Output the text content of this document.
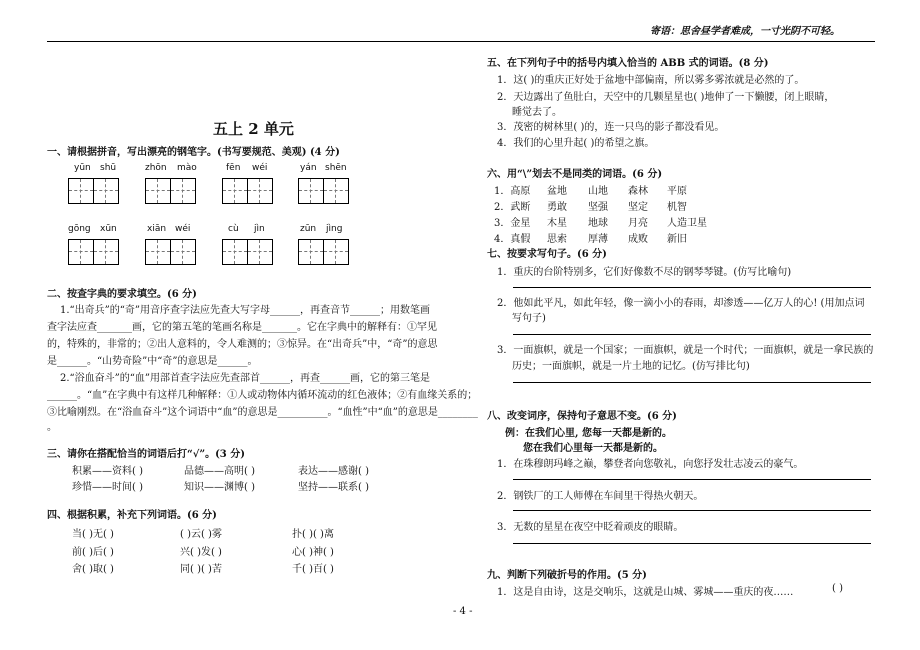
寄语：思舍昼学者难成，一寸光阴不可轻。
五上 2 单元
一、请根据拼音，写出漂亮的钢笔字。(书写要规范、美观) (4 分)
yūn shū	zhōn mào	fēn wéi	yán shēn
gōng xūn	xiān wéi	cù jìn	zūn jìng
二、按查字典的要求填空。(6 分)
1.“出奇兵”的“奇”用音序查字法应先查大写字母______，再查音节______；用数笔画
查字法应查_______画，它的第五笔的笔画名称是_______。它在字典中的解释有：①罕见
的，特殊的，非常的；②出人意料的，令人难测的；③惊异。在“出奇兵”中，“奇”的意思
是______。“山势奇险”中“奇”的意思是______。
2.“浴血奋斗”的“血”用部首查字法应先查部首______，再查______画，它的第三笔是
______。“血”在字典中有这样几种解释：①人或动物体内循环流动的红色液体；②有血缘关系的；
③比喻刚烈。在“浴血奋斗”这个词语中“血”的意思是__________。“血性”中“血”的意思是________
。
三、请你在搭配恰当的词语后打“√”。(3 分)
积累——资料( )	品德——高明( )	表达——感谢( )
珍惜——时间( )	知识——渊博( )	坚持——联系( )
四、根据积累，补充下列词语。(6 分)
当( )无( )	( )云( )雾	扑( )( )离
前( )后( )	兴( )发( )	心( )神( )
舍( )取( )	同( )( )苦	千( )百( )
五、在下列句子中的括号内填入恰当的 ABB 式的词语。(8 分)
1．这( )的重庆正好处于盆地中部偏南，所以雾多雾浓就是必然的了。
2．天边露出了鱼肚白，天空中的几颗星星也( )地伸了一下懒腰，闭上眼睛，
睡觉去了。
3．茂密的树林里( )的，连一只鸟的影子都没看见。
4．我们的心里升起( )的希望之旗。
六、用“\”划去不是同类的词语。(6 分)
1．高原 盆地 山地 森林 平原
2．武断 勇敢 坚强 坚定 机智
3．金星 木星 地球 月亮 人造卫星
4．真假 思索 厚薄 成败 新旧
七、按要求写句子。(6 分)
1．重庆的台阶特别多，它们好像数不尽的钢琴琴键。(仿写比喻句)
2．他如此平凡，如此年轻，像一滴小小的春雨，却渗透——亿万人的心! (用加点词
写句子)
3．一面旗帜，就是一个国家；一面旗帜，就是一个时代；一面旗帜，就是一拿民族的
历史；一面旗帜，就是一片土地的记忆。(仿写排比句)
八、改变词序，保持句子意思不变。(6 分)
例：在我们心里, 您每一天都是新的。
您在我们心里每一天都是新的。
1．在珠穆朗玛峰之巅，攀登者向您敬礼，向您抒发壮志凌云的豪气。
2．钢铁厂的工人师傅在车间里干得热火朝天。
3．无数的星星在夜空中眨着顽皮的眼睛。
九、判断下列破折号的作用。(5 分)
1．这是自由诗，这是交响乐，这就是山城、雾城——重庆的夜……	( )
- 4 -
